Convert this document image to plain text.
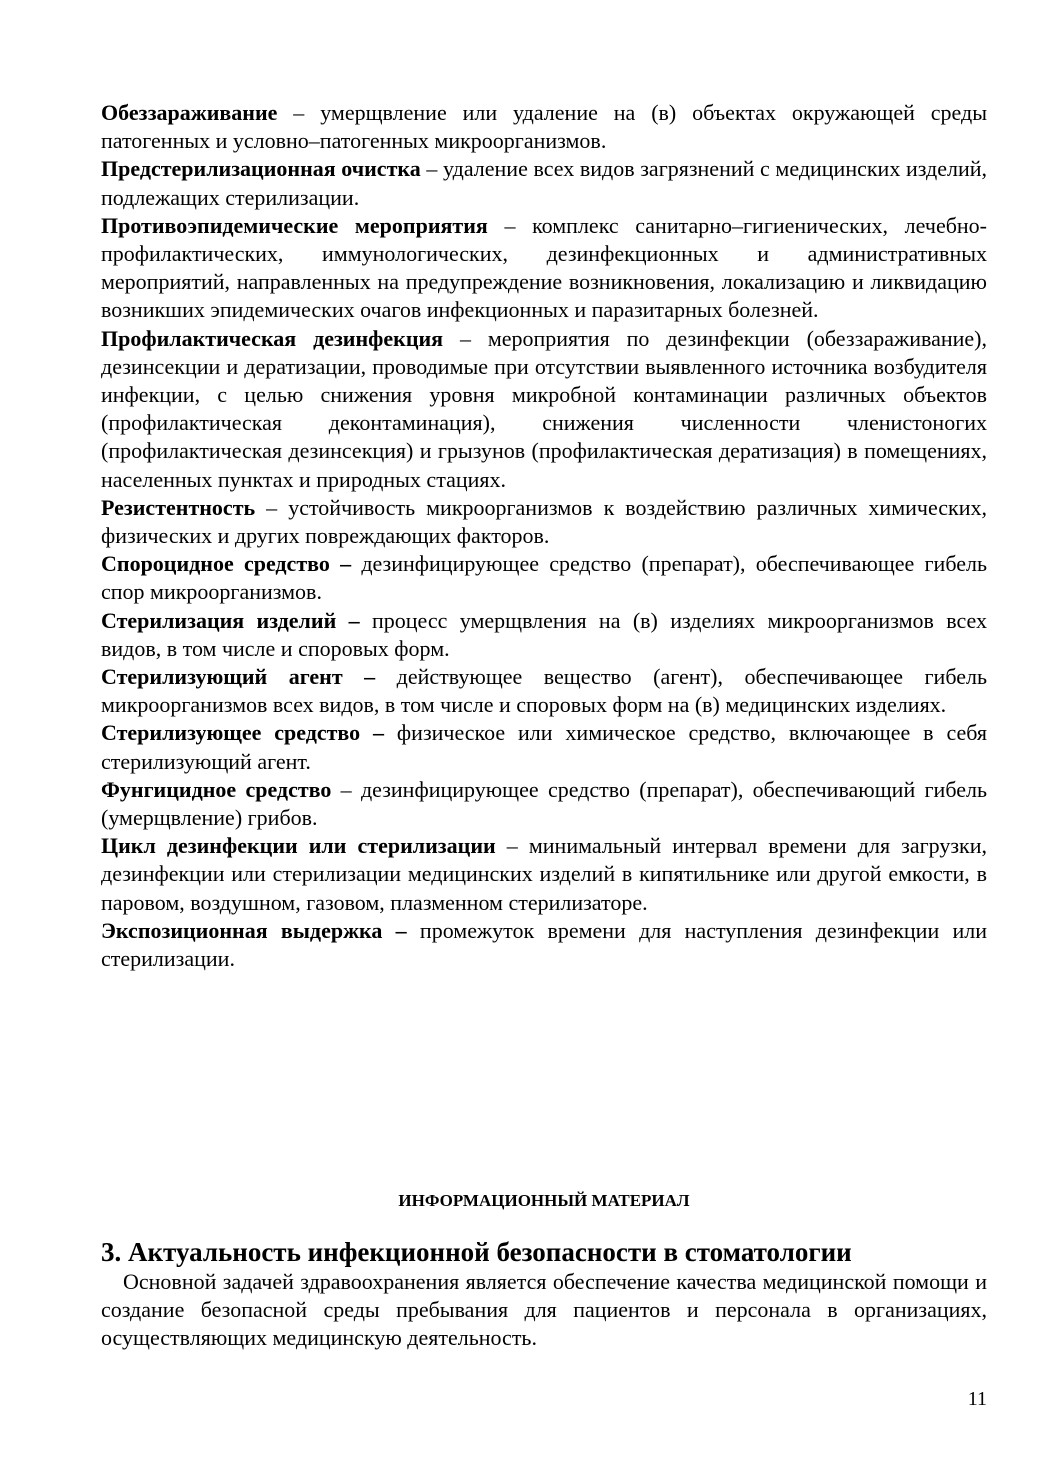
Обеззараживание – умерщвление или удаление на (в) объектах окружающей среды патогенных и условно–патогенных микроорганизмов.

Предстерилизационная очистка – удаление всех видов загрязнений с медицинских изделий, подлежащих стерилизации.

Противоэпидемические мероприятия – комплекс санитарно–гигиенических, лечебно-профилактических, иммунологических, дезинфекционных и административных мероприятий, направленных на предупреждение возникновения, локализацию и ликвидацию возникших эпидемических очагов инфекционных и паразитарных болезней.

Профилактическая дезинфекция – мероприятия по дезинфекции (обеззараживание), дезинсекции и дератизации, проводимые при отсутствии выявленного источника возбудителя инфекции, с целью снижения уровня микробной контаминации различных объектов (профилактическая деконтаминация), снижения численности членистоногих (профилактическая дезинсекция) и грызунов (профилактическая дератизация) в помещениях, населенных пунктах и природных стациях.

Резистентность – устойчивость микроорганизмов к воздействию различных химических, физических и других повреждающих факторов.

Спороцидное средство – дезинфицирующее средство (препарат), обеспечивающее гибель спор микроорганизмов.

Стерилизация изделий – процесс умерщвления на (в) изделиях микроорганизмов всех видов, в том числе и споровых форм.

Стерилизующий агент – действующее вещество (агент), обеспечивающее гибель микроорганизмов всех видов, в том числе и споровых форм на (в) медицинских изделиях.

Стерилизующее средство – физическое или химическое средство, включающее в себя стерилизующий агент.

Фунгицидное средство – дезинфицирующее средство (препарат), обеспечивающий гибель (умерщвление) грибов.

Цикл дезинфекции или стерилизации – минимальный интервал времени для загрузки, дезинфекции или стерилизации медицинских изделий в кипятильнике или другой емкости, в паровом, воздушном, газовом, плазменном стерилизаторе.

Экспозиционная выдержка – промежуток времени для наступления дезинфекции или стерилизации.

ИНФОРМАЦИОННЫЙ МАТЕРИАЛ

3. Актуальность инфекционной безопасности в стоматологии

Основной задачей здравоохранения является обеспечение качества медицинской помощи и создание безопасной среды пребывания для пациентов и персонала в организациях, осуществляющих медицинскую деятельность.

11
